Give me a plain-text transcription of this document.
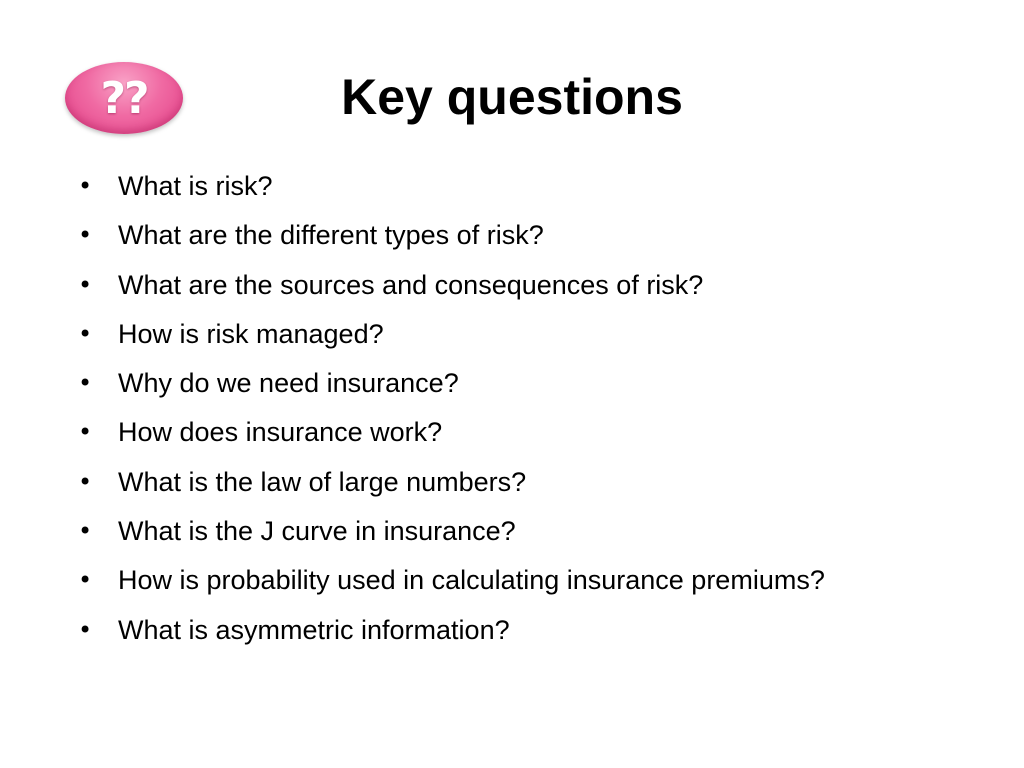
??	Key questions
• What is risk?
• What are the different types of risk?
• What are the sources and consequences of risk?
• How is risk managed?
• Why do we need insurance?
• How does insurance work?
• What is the law of large numbers?
• What is the J curve in insurance?
• How is probability used in calculating insurance premiums?
• What is asymmetric information?
